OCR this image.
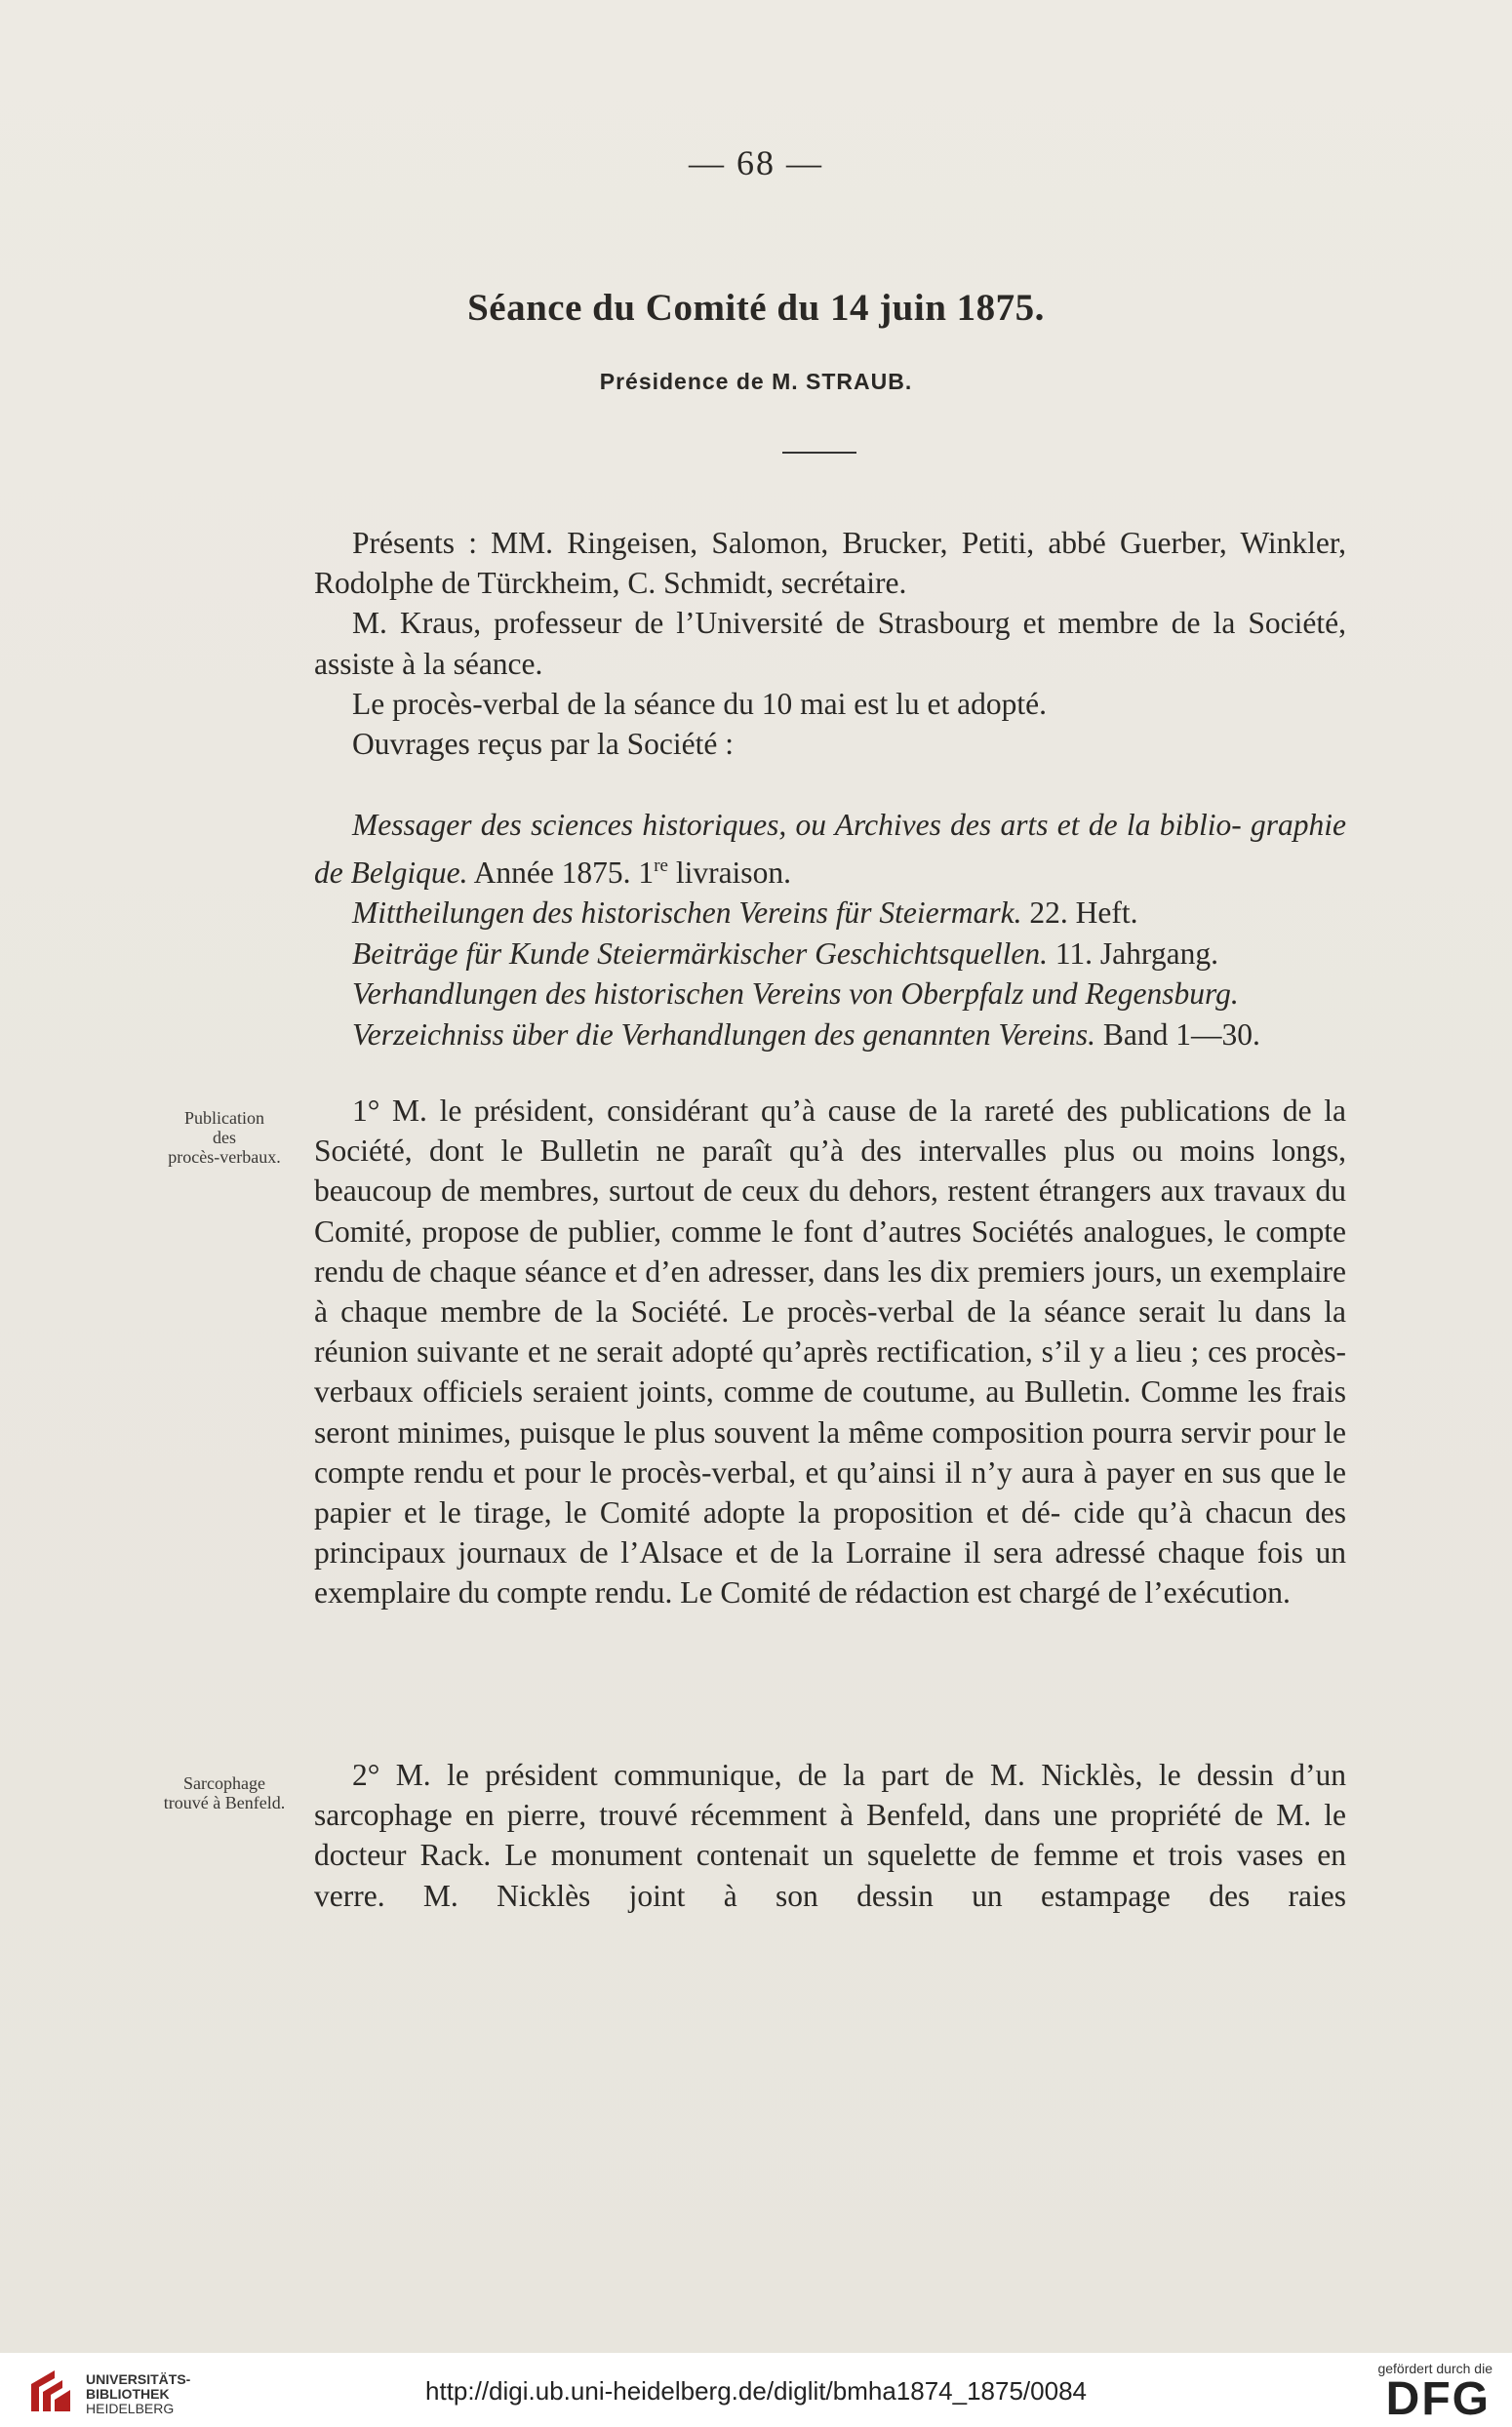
— 68 —
Séance du Comité du 14 juin 1875.
Présidence de M. STRAUB.

Présents : MM. Ringeisen, Salomon, Brucker, Petiti, abbé Guerber, Winkler, Rodolphe de Türckheim, C. Schmidt, secrétaire.

M. Kraus, professeur de l’Université de Strasbourg et membre de la Société, assiste à la séance.

Le procès-verbal de la séance du 10 mai est lu et adopté.

Ouvrages reçus par la Société :

Messager des sciences historiques, ou Archives des arts et de la biblio- graphie de Belgique. Année 1875. 1re livraison.

Mittheilungen des historischen Vereins für Steiermark. 22. Heft.

Beiträge für Kunde Steiermärkischer Geschichtsquellen. 11. Jahrgang.

Verhandlungen des historischen Vereins von Oberpfalz und Regensburg.

Verzeichniss über die Verhandlungen des genannten Vereins. Band 1—30.

Publication
des
procès-verbaux.

1° M. le président, considérant qu’à cause de la rareté des publications de la Société, dont le Bulletin ne paraît qu’à des intervalles plus ou moins longs, beaucoup de membres, surtout de ceux du dehors, restent étrangers aux travaux du Comité, propose de publier, comme le font d’autres Sociétés analogues, le compte rendu de chaque séance et d’en adresser, dans les dix premiers jours, un exemplaire à chaque membre de la Société. Le procès-verbal de la séance serait lu dans la réunion suivante et ne serait adopté qu’après rectification, s’il y a lieu ; ces procès-verbaux officiels seraient joints, comme de coutume, au Bulletin. Comme les frais seront minimes, puisque le plus souvent la même composition pourra servir pour le compte rendu et pour le procès-verbal, et qu’ainsi il n’y aura à payer en sus que le papier et le tirage, le Comité adopte la proposition et dé- cide qu’à chacun des principaux journaux de l’Alsace et de la Lorraine il sera adressé chaque fois un exemplaire du compte rendu. Le Comité de rédaction est chargé de l’exécution.

Sarcophage
trouvé à Benfeld.

2° M. le président communique, de la part de M. Nicklès, le dessin d’un sarcophage en pierre, trouvé récemment à Benfeld, dans une propriété de M. le docteur Rack. Le monument contenait un squelette de femme et trois vases en verre. M. Nicklès joint à son dessin un estampage des raies

UNIVERSITÄTS-
BIBLIOTHEK
HEIDELBERG
http://digi.ub.uni-heidelberg.de/diglit/bmha1874_1875/0084
gefördert durch die
DFG
